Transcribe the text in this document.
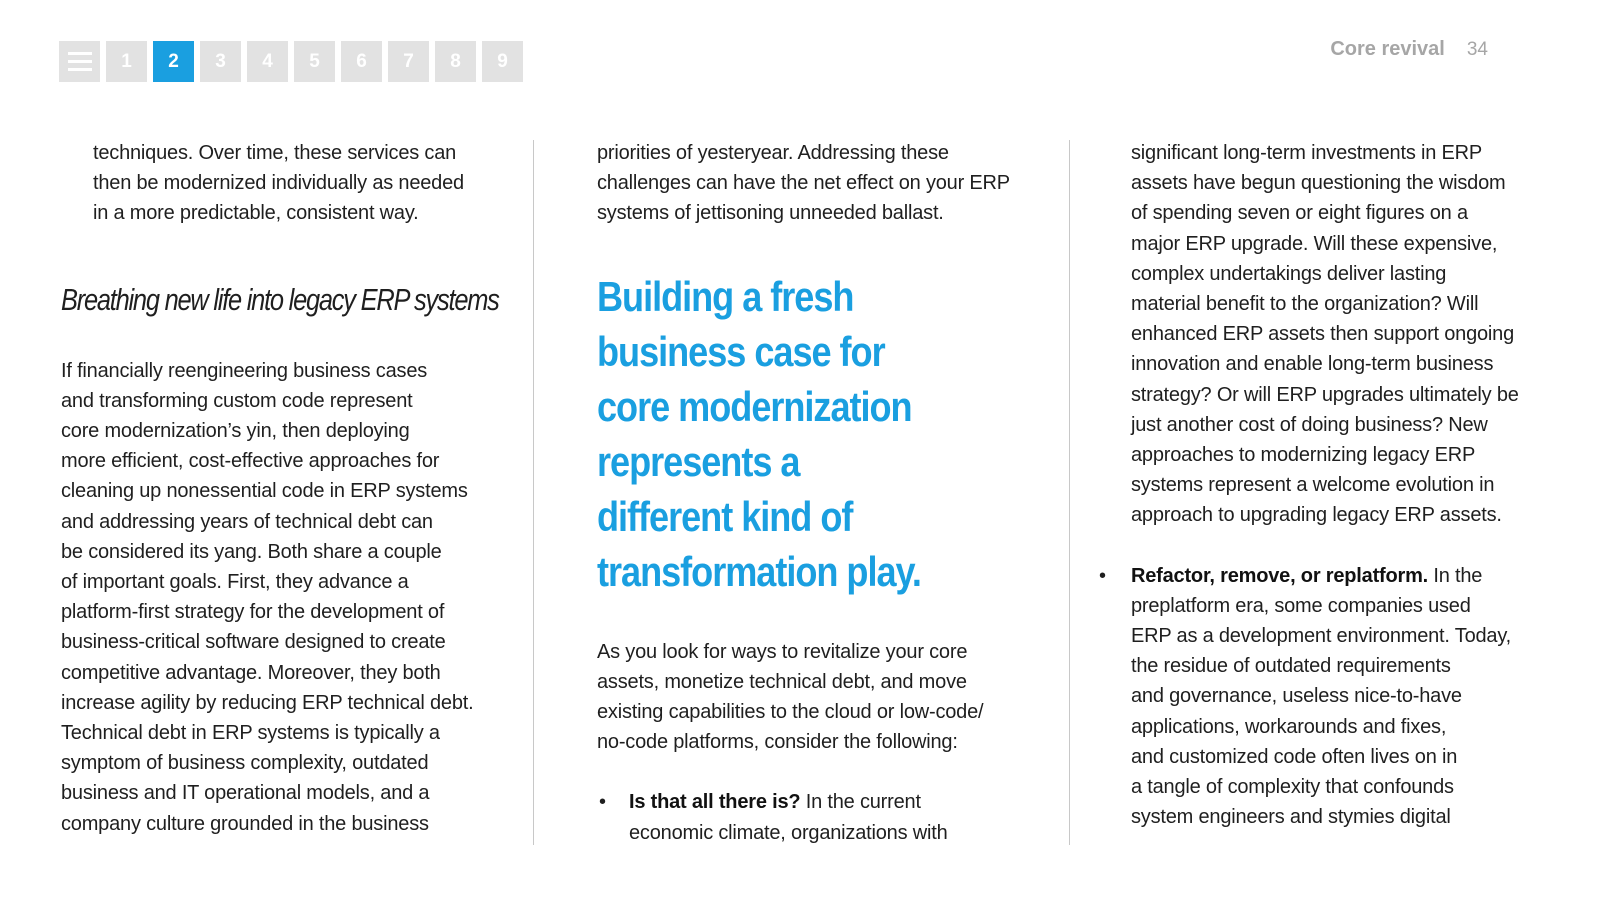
1	2	3	4	5	6	7	8	9
Core revival 34

techniques. Over time, these services can

then be modernized individually as needed

in a more predictable, consistent way.

Breathing new life into legacy ERP systems

If financially reengineering business cases

and transforming custom code represent

core modernization’s yin, then deploying

more efficient, cost-effective approaches for

cleaning up nonessential code in ERP systems

and addressing years of technical debt can

be considered its yang. Both share a couple

of important goals. First, they advance a

platform-first strategy for the development of

business-critical software designed to create

competitive advantage. Moreover, they both

increase agility by reducing ERP technical debt.

Technical debt in ERP systems is typically a

symptom of business complexity, outdated

business and IT operational models, and a

company culture grounded in the business

priorities of yesteryear. Addressing these

challenges can have the net effect on your ERP

systems of jettisoning unneeded ballast.

Building a fresh
business case for
core modernization
represents a
different kind of
transformation play.

As you look for ways to revitalize your core

assets, monetize technical debt, and move

existing capabilities to the cloud or low-code/

no-code platforms, consider the following:

• Is that all there is? In the current

economic climate, organizations with

significant long-term investments in ERP

assets have begun questioning the wisdom

of spending seven or eight figures on a

major ERP upgrade. Will these expensive,

complex undertakings deliver lasting

material benefit to the organization? Will

enhanced ERP assets then support ongoing

innovation and enable long-term business

strategy? Or will ERP upgrades ultimately be

just another cost of doing business? New

approaches to modernizing legacy ERP

systems represent a welcome evolution in

approach to upgrading legacy ERP assets.

• Refactor, remove, or replatform. In the

preplatform era, some companies used

ERP as a development environment. Today,

the residue of outdated requirements

and governance, useless nice-to-have

applications, workarounds and fixes,

and customized code often lives on in

a tangle of complexity that confounds

system engineers and stymies digital
